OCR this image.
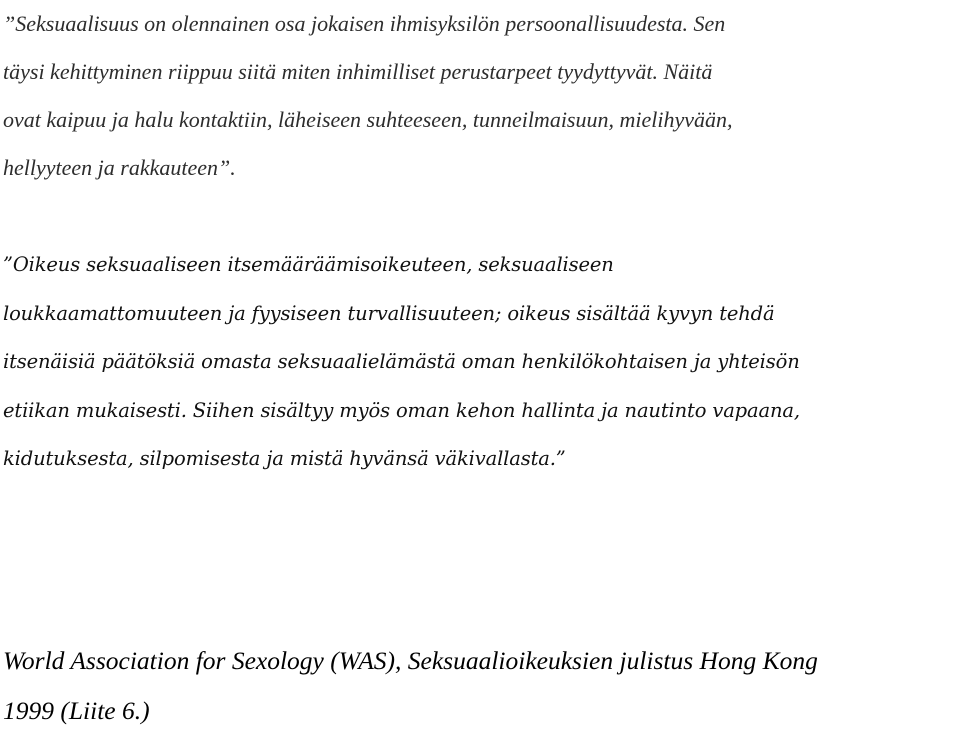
”Seksuaalisuus on olennainen osa jokaisen ihmisyksilön persoonallisuudesta. Sen
täysi kehittyminen riippuu siitä miten inhimilliset perustarpeet tyydyttyvät. Näitä
ovat kaipuu ja halu kontaktiin, läheiseen suhteeseen, tunneilmaisuun, mielihyvään,
hellyyteen ja rakkauteen”.

”Oikeus seksuaaliseen itsemääräämisoikeuteen, seksuaaliseen
loukkaamattomuuteen ja fyysiseen turvallisuuteen; oikeus sisältää kyvyn tehdä
itsenäisiä päätöksiä omasta seksuaalielämästä oman henkilökohtaisen ja yhteisön
etiikan mukaisesti. Siihen sisältyy myös oman kehon hallinta ja nautinto vapaana,
kidutuksesta, silpomisesta ja mistä hyvänsä väkivallasta.”

World Association for Sexology (WAS), Seksuaalioikeuksien julistus Hong Kong
1999 (Liite 6.)
